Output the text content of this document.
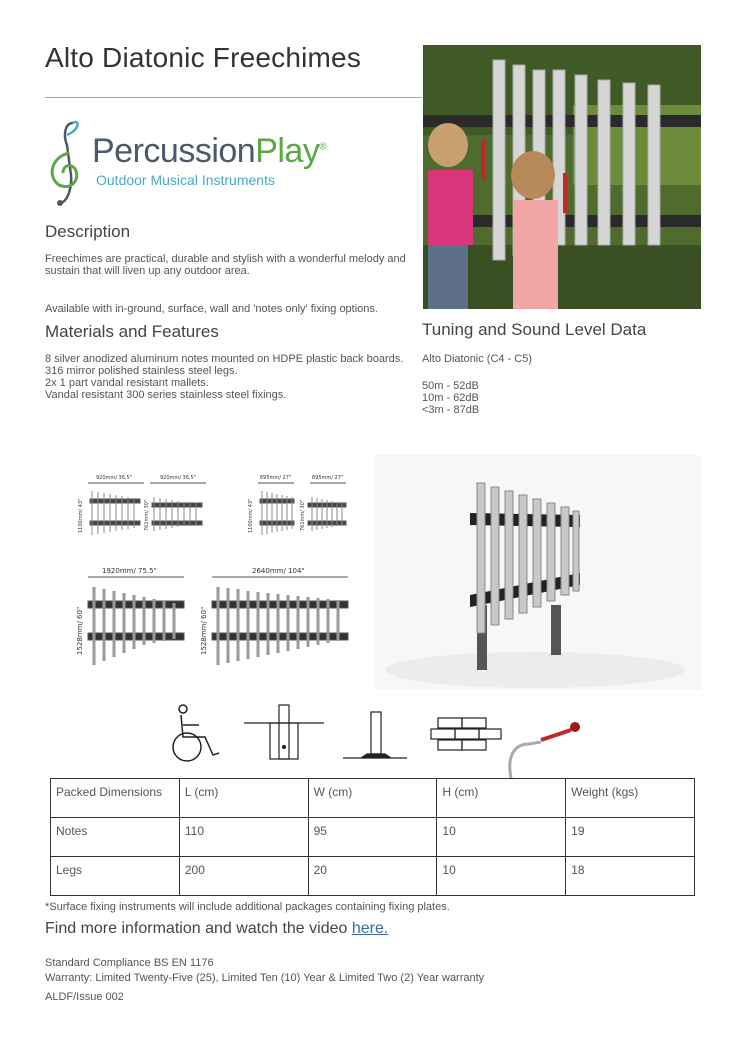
Alto Diatonic Freechimes
PercussionPlay®
Outdoor Musical Instruments
Description
Freechimes are practical, durable and stylish with a wonderful melody and sustain that will liven up any outdoor area.
Available with in-ground, surface, wall and 'notes only' fixing options.
Materials and Features
8 silver anodized aluminum notes mounted on HDPE plastic back boards.
316 mirror polished stainless steel legs.
2x 1 part vandal resistant mallets.
Vandal resistant 300 series stainless steel fixings.
Tuning and Sound Level Data
Alto Diatonic (C4 - C5)
50m - 52dB
10m - 62dB
<3m - 87dB
920mm/ 36.5"	920mm/ 36.5"	695mm/ 27"	695mm/ 27"
1100mm/ 43"	761mm/ 30"	1100mm/ 43"	761mm/ 30"
1920mm/ 75.5"	2640mm/ 104"
1528mm/ 60"	1528mm/ 60"
Packed Dimensions	L (cm)	W (cm)	H (cm)	Weight (kgs)
Notes	110	95	10	19
Legs	200	20	10	18
*Surface fixing instruments will include additional packages containing fixing plates.
Find more information and watch the video here.
Standard Compliance BS EN 1176
Warranty: Limited Twenty-Five (25), Limited Ten (10) Year & Limited Two (2) Year warranty
ALDF/Issue 002
